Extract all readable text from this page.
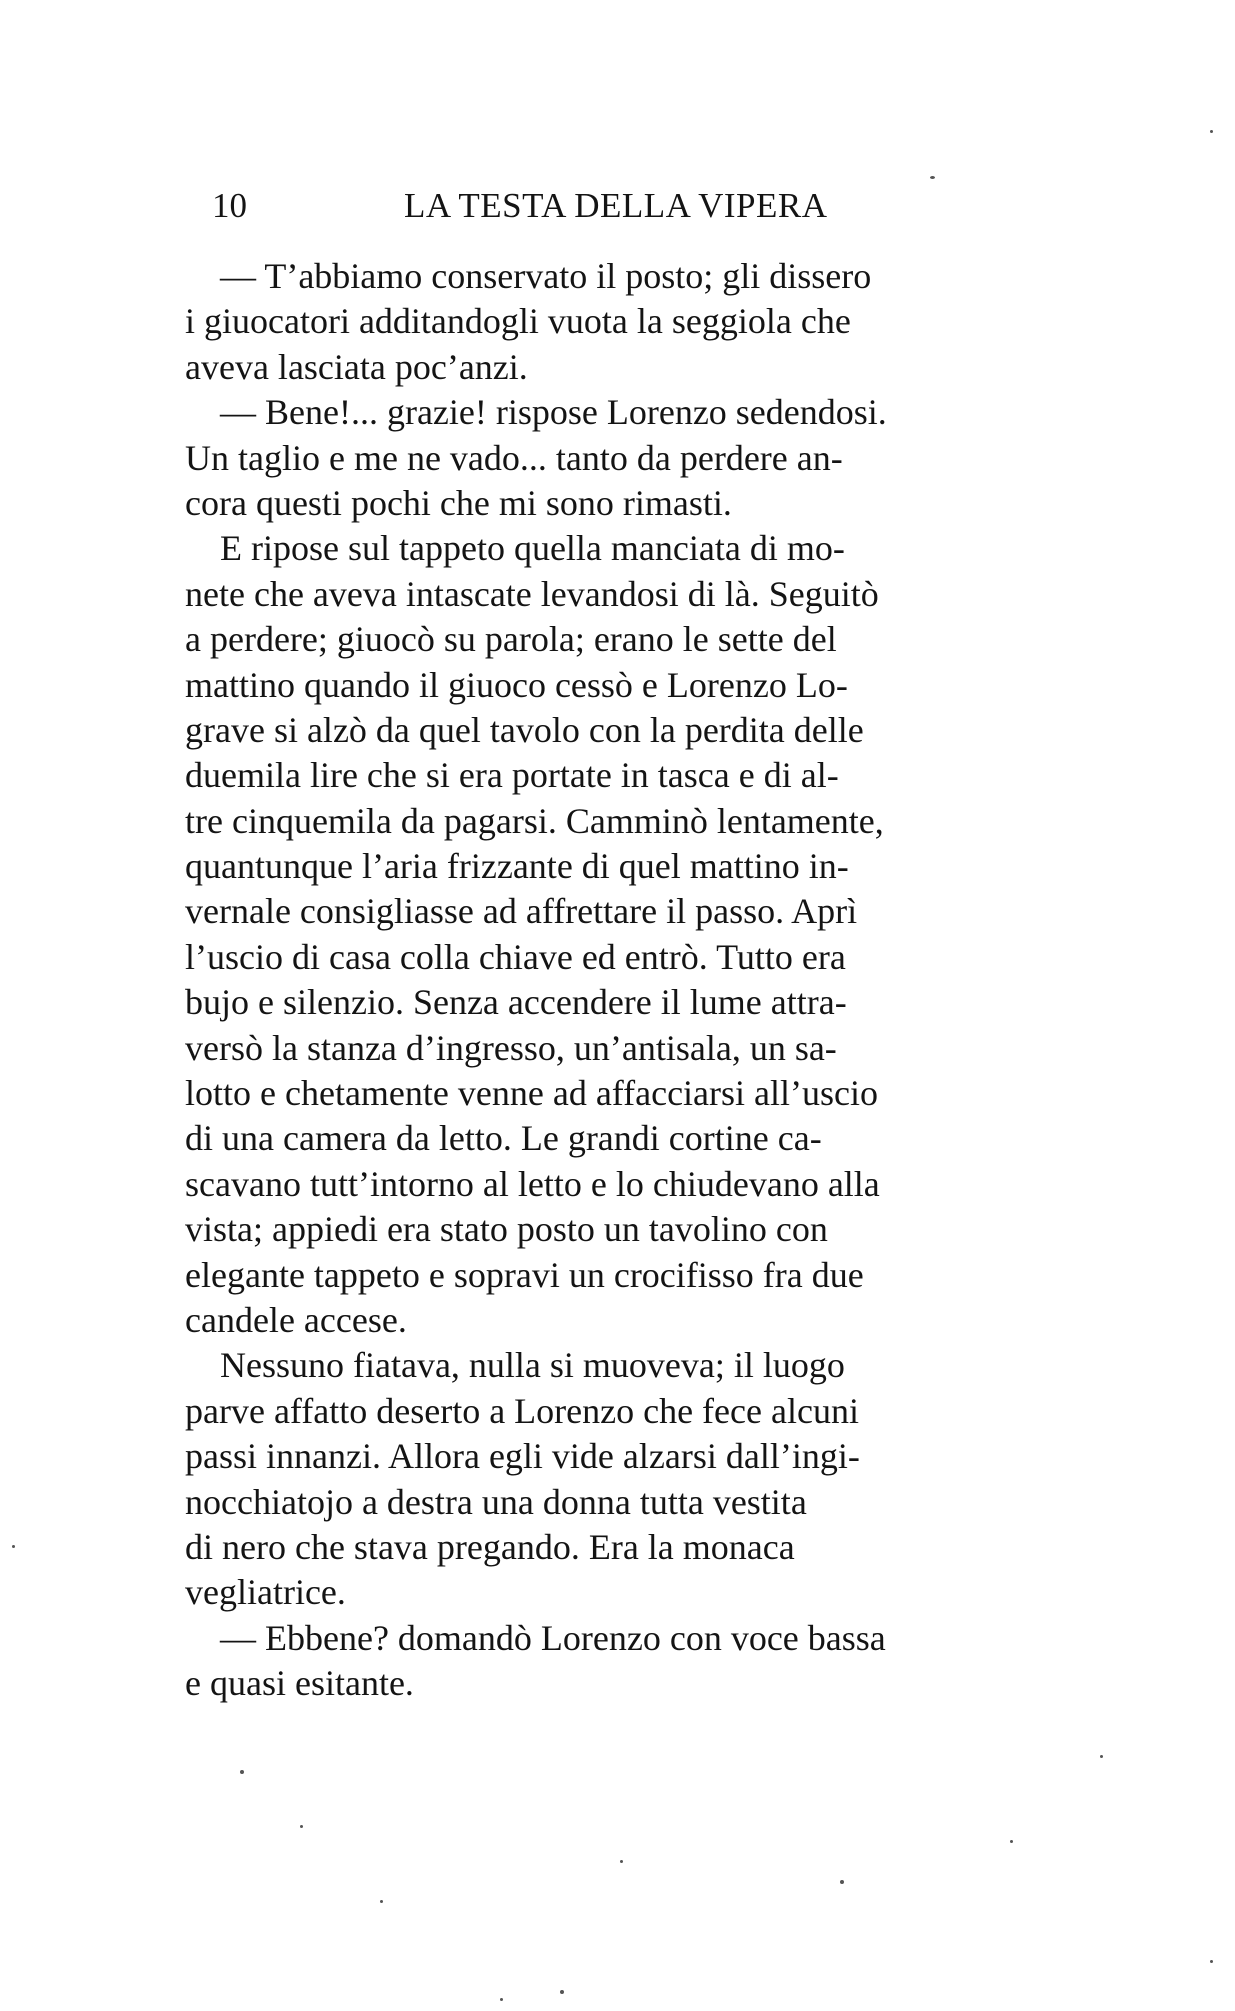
10	LA TESTA DELLA VIPERA
— T’abbiamo conservato il posto; gli dissero
i giuocatori additandogli vuota la seggiola che
aveva lasciata poc’anzi.
— Bene!... grazie! rispose Lorenzo sedendosi.
Un taglio e me ne vado... tanto da perdere an-
cora questi pochi che mi sono rimasti.
E ripose sul tappeto quella manciata di mo-
nete che aveva intascate levandosi di là. Seguitò
a perdere; giuocò su parola; erano le sette del
mattino quando il giuoco cessò e Lorenzo Lo-
grave si alzò da quel tavolo con la perdita delle
duemila lire che si era portate in tasca e di al-
tre cinquemila da pagarsi. Camminò lentamente,
quantunque l’aria frizzante di quel mattino in-
vernale consigliasse ad affrettare il passo. Aprì
l’uscio di casa colla chiave ed entrò. Tutto era
bujo e silenzio. Senza accendere il lume attra-
versò la stanza d’ingresso, un’antisala, un sa-
lotto e chetamente venne ad affacciarsi all’uscio
di una camera da letto. Le grandi cortine ca-
scavano tutt’intorno al letto e lo chiudevano alla
vista; appiedi era stato posto un tavolino con
elegante tappeto e sopravi un crocifisso fra due
candele accese.
Nessuno fiatava, nulla si muoveva; il luogo
parve affatto deserto a Lorenzo che fece alcuni
passi innanzi. Allora egli vide alzarsi dall’ingi-
nocchiatojo a destra una donna tutta vestita
di nero che stava pregando. Era la monaca
vegliatrice.
— Ebbene? domandò Lorenzo con voce bassa
e quasi esitante.
